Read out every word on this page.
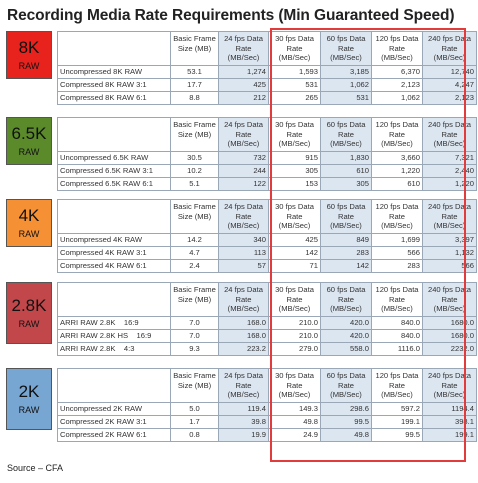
Recording Media Rate Requirements (Min Guaranteed Speed)
8K
RAW
	Basic Frame Size (MB)	24 fps Data Rate (MB/Sec)	30 fps Data Rate (MB/Sec)	60 fps Data Rate (MB/Sec)	120 fps Data Rate (MB/Sec)	240 fps Data Rate (MB/Sec)
Uncompressed 8K RAW	53.1	1,274	1,593	3,185	6,370	12,740
Compressed 8K RAW 3:1	17.7	425	531	1,062	2,123	4,247
Compressed 8K RAW 6:1	8.8	212	265	531	1,062	2,123
6.5K
RAW
	Basic Frame Size (MB)	24 fps Data Rate (MB/Sec)	30 fps Data Rate (MB/Sec)	60 fps Data Rate (MB/Sec)	120 fps Data Rate (MB/Sec)	240 fps Data Rate (MB/Sec)
Uncompressed 6.5K RAW	30.5	732	915	1,830	3,660	7,321
Compressed 6.5K RAW 3:1	10.2	244	305	610	1,220	2,440
Compressed 6.5K RAW 6:1	5.1	122	153	305	610	1,220
4K
RAW
	Basic Frame Size (MB)	24 fps Data Rate (MB/Sec)	30 fps Data Rate (MB/Sec)	60 fps Data Rate (MB/Sec)	120 fps Data Rate (MB/Sec)	240 fps Data Rate (MB/Sec)
Uncompressed 4K RAW	14.2	340	425	849	1,699	3,397
Compressed 4K RAW 3:1	4.7	113	142	283	566	1,132
Compressed 4K RAW 6:1	2.4	57	71	142	283	566
2.8K
RAW
	Basic Frame Size (MB)	24 fps Data Rate (MB/Sec)	30 fps Data Rate (MB/Sec)	60 fps Data Rate (MB/Sec)	120 fps Data Rate (MB/Sec)	240 fps Data Rate (MB/Sec)
ARRI RAW 2.8K    16:9	7.0	168.0	210.0	420.0	840.0	1680.0
ARRI RAW 2.8K HS    16:9	7.0	168.0	210.0	420.0	840.0	1680.0
ARRI RAW 2.8K    4:3	9.3	223.2	279.0	558.0	1116.0	2232.0
2K
RAW
	Basic Frame Size (MB)	24 fps Data Rate (MB/Sec)	30 fps Data Rate (MB/Sec)	60 fps Data Rate (MB/Sec)	120 fps Data Rate (MB/Sec)	240 fps Data Rate (MB/Sec)
Uncompressed 2K RAW	5.0	119.4	149.3	298.6	597.2	1194.4
Compressed 2K RAW 3:1	1.7	39.8	49.8	99.5	199.1	398.1
Compressed 2K RAW 6:1	0.8	19.9	24.9	49.8	99.5	199.1
Source – CFA
